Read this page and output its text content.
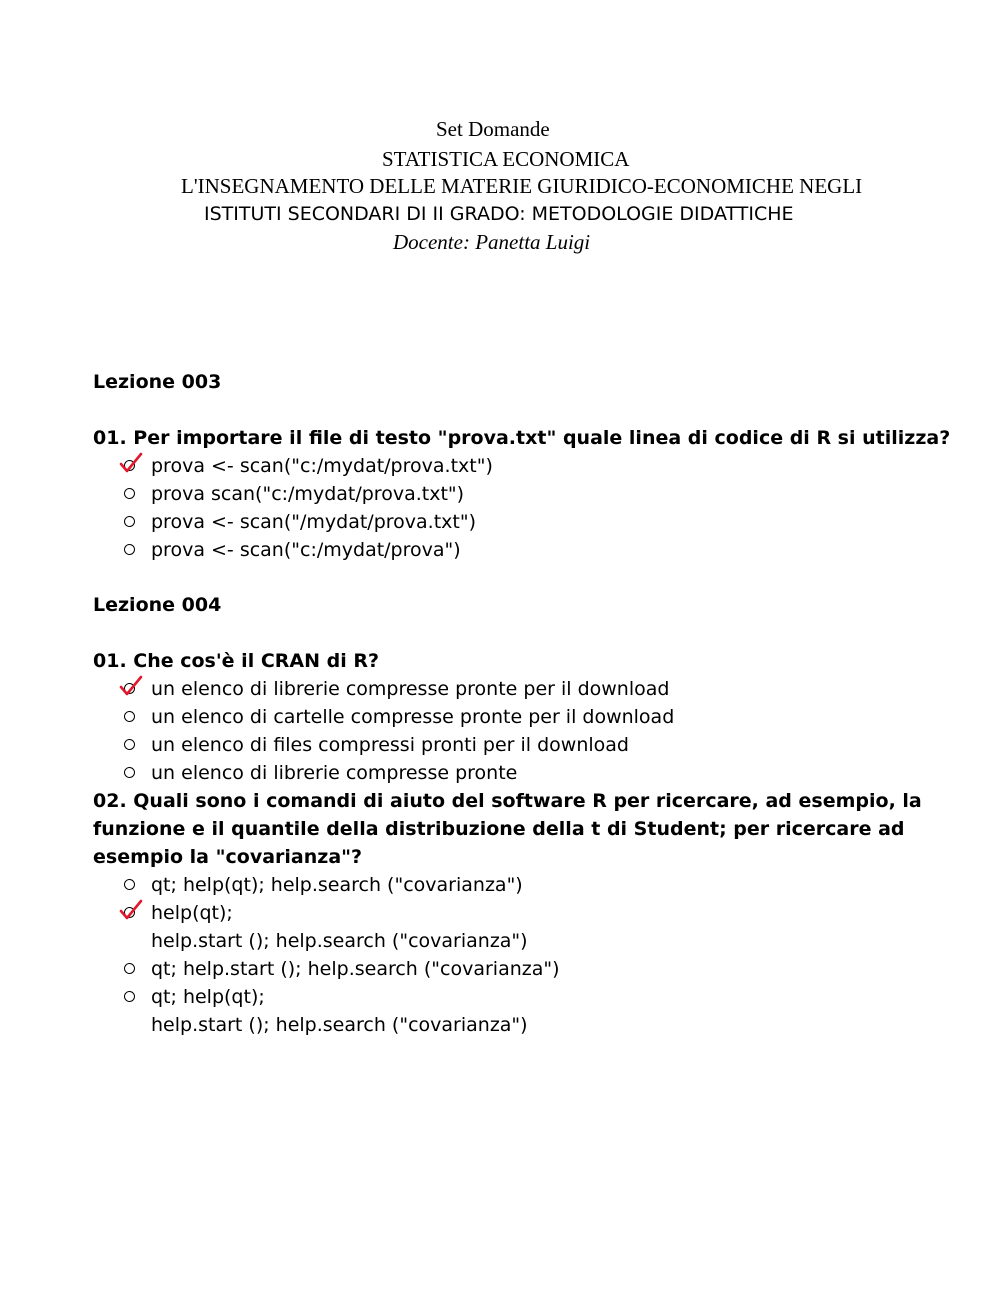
Set Domande
STATISTICA ECONOMICA
L'INSEGNAMENTO DELLE MATERIE GIURIDICO-ECONOMICHE NEGLI
ISTITUTI SECONDARI DI II GRADO: METODOLOGIE DIDATTICHE
Docente: Panetta Luigi
Lezione 003
01. Per importare il file di testo "prova.txt" quale linea di codice di R si utilizza?
prova <- scan("c:/mydat/prova.txt")
prova scan("c:/mydat/prova.txt")
prova <- scan("/mydat/prova.txt")
prova <- scan("c:/mydat/prova")
Lezione 004
01. Che cos'è il CRAN di R?
un elenco di librerie compresse pronte per il download
un elenco di cartelle compresse pronte per il download
un elenco di files compressi pronti per il download
un elenco di librerie compresse pronte
02. Quali sono i comandi di aiuto del software R per ricercare, ad esempio, la
funzione e il quantile della distribuzione della t di Student; per ricercare ad
esempio la "covarianza"?
qt; help(qt); help.search ("covarianza")
help(qt);
help.start (); help.search ("covarianza")
qt; help.start (); help.search ("covarianza")
qt; help(qt);
help.start (); help.search ("covarianza")
